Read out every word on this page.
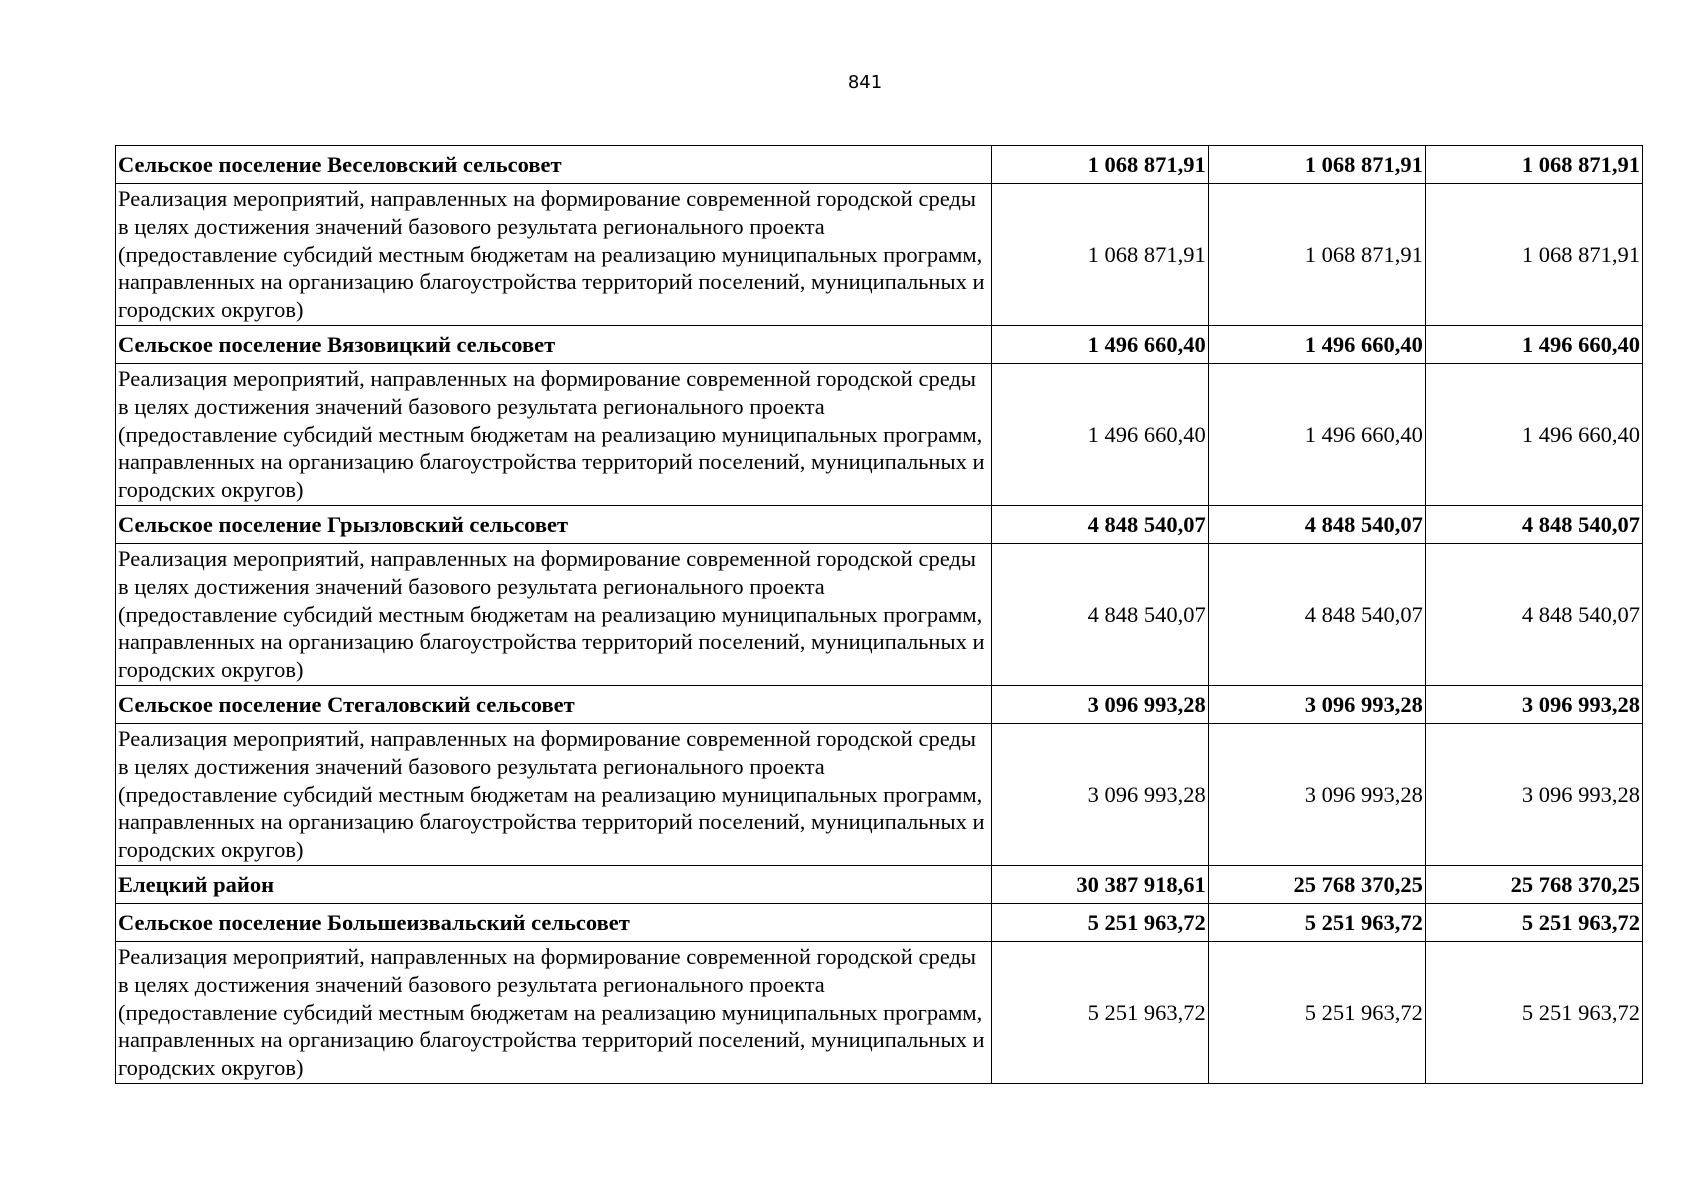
841
Сельское поселение Веселовский сельсовет	1 068 871,91	1 068 871,91	1 068 871,91
Реализация мероприятий, направленных на формирование современной городской среды в целях достижения значений базового результата регионального проекта (предоставление субсидий местным бюджетам на реализацию муниципальных программ, направленных на организацию благоустройства территорий поселений, муниципальных и городских округов)	1 068 871,91	1 068 871,91	1 068 871,91
Сельское поселение Вязовицкий сельсовет	1 496 660,40	1 496 660,40	1 496 660,40
Реализация мероприятий, направленных на формирование современной городской среды в целях достижения значений базового результата регионального проекта (предоставление субсидий местным бюджетам на реализацию муниципальных программ, направленных на организацию благоустройства территорий поселений, муниципальных и городских округов)	1 496 660,40	1 496 660,40	1 496 660,40
Сельское поселение Грызловский сельсовет	4 848 540,07	4 848 540,07	4 848 540,07
Реализация мероприятий, направленных на формирование современной городской среды в целях достижения значений базового результата регионального проекта (предоставление субсидий местным бюджетам на реализацию муниципальных программ, направленных на организацию благоустройства территорий поселений, муниципальных и городских округов)	4 848 540,07	4 848 540,07	4 848 540,07
Сельское поселение Стегаловский сельсовет	3 096 993,28	3 096 993,28	3 096 993,28
Реализация мероприятий, направленных на формирование современной городской среды в целях достижения значений базового результата регионального проекта (предоставление субсидий местным бюджетам на реализацию муниципальных программ, направленных на организацию благоустройства территорий поселений, муниципальных и городских округов)	3 096 993,28	3 096 993,28	3 096 993,28
Елецкий район	30 387 918,61	25 768 370,25	25 768 370,25
Сельское поселение Большеизвальский сельсовет	5 251 963,72	5 251 963,72	5 251 963,72
Реализация мероприятий, направленных на формирование современной городской среды в целях достижения значений базового результата регионального проекта (предоставление субсидий местным бюджетам на реализацию муниципальных программ, направленных на организацию благоустройства территорий поселений, муниципальных и городских округов)	5 251 963,72	5 251 963,72	5 251 963,72
